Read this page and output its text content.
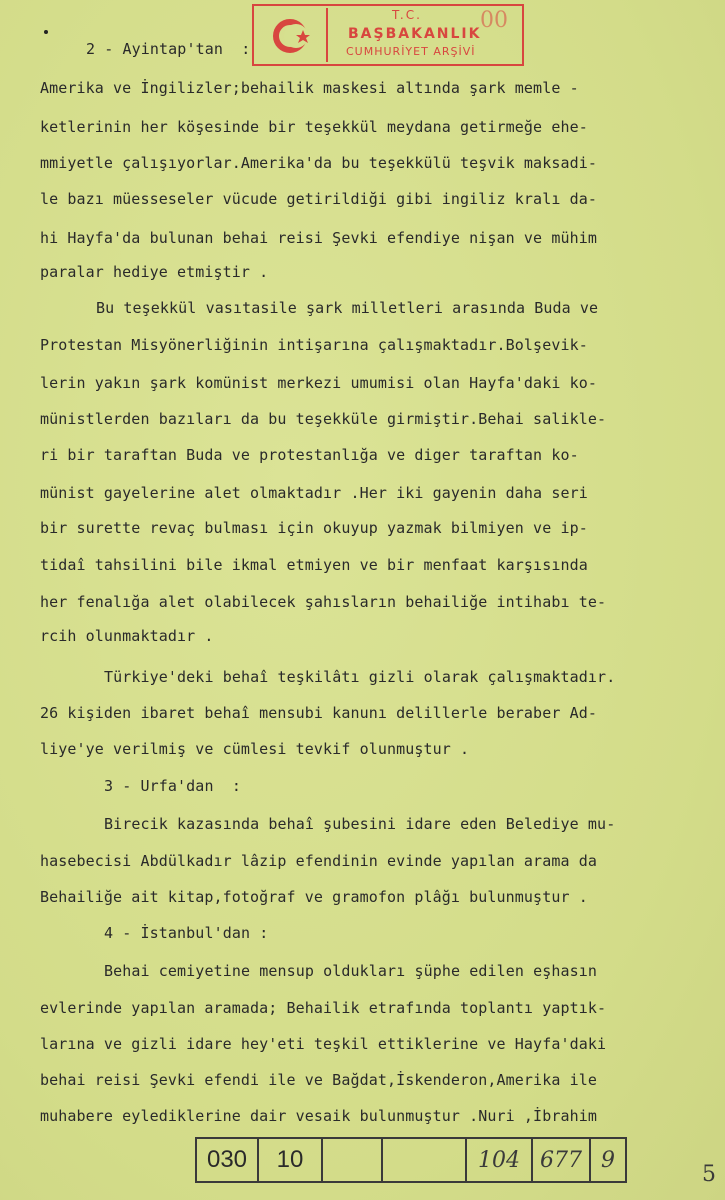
T.C.
BAŞBAKANLIK
CUMHURİYET ARŞİVİ
00
2 - Ayintap'tan  :
Amerika ve İngilizler;behailik maskesi altında şark memle -
ketlerinin her köşesinde bir teşekkül meydana getirmeğe ehe-
mmiyetle çalışıyorlar.Amerika'da bu teşekkülü teşvik maksadi-
le bazı müesseseler vücude getirildiği gibi ingiliz kralı da-
hi Hayfa'da bulunan behai reisi Şevki efendiye nişan ve mühim
paralar hediye etmiştir .
Bu teşekkül vasıtasile şark milletleri arasında Buda ve
Protestan Misyönerliğinin intişarına çalışmaktadır.Bolşevik-
lerin yakın şark komünist merkezi umumisi olan Hayfa'daki ko-
münistlerden bazıları da bu teşekküle girmiştir.Behai salikle-
ri bir taraftan Buda ve protestanlığa ve diger taraftan ko-
münist gayelerine alet olmaktadır .Her iki gayenin daha seri
bir surette revaç bulması için okuyup yazmak bilmiyen ve ip-
tidaî tahsilini bile ikmal etmiyen ve bir menfaat karşısında
her fenalığa alet olabilecek şahısların behailiğe intihabı te-
rcih olunmaktadır .
Türkiye'deki behaî teşkilâtı gizli olarak çalışmaktadır.
26 kişiden ibaret behaî mensubi kanunı delillerle beraber Ad-
liye'ye verilmiş ve cümlesi tevkif olunmuştur .
3 - Urfa'dan  :
Birecik kazasında behaî şubesini idare eden Belediye mu-
hasebecisi Abdülkadır lâzip efendinin evinde yapılan arama da
Behailiğe ait kitap,fotoğraf ve gramofon plâğı bulunmuştur .
4 - İstanbul'dan :
Behai cemiyetine mensup oldukları şüphe edilen eşhasın
evlerinde yapılan aramada; Behailik etrafında toplantı yaptık-
larına ve gizli idare hey'eti teşkil ettiklerine ve Hayfa'daki
behai reisi Şevki efendi ile ve Bağdat,İskenderon,Amerika ile
muhabere eylediklerine dair vesaik bulunmuştur .Nuri ,İbrahim
030	10	104 677 9
5
